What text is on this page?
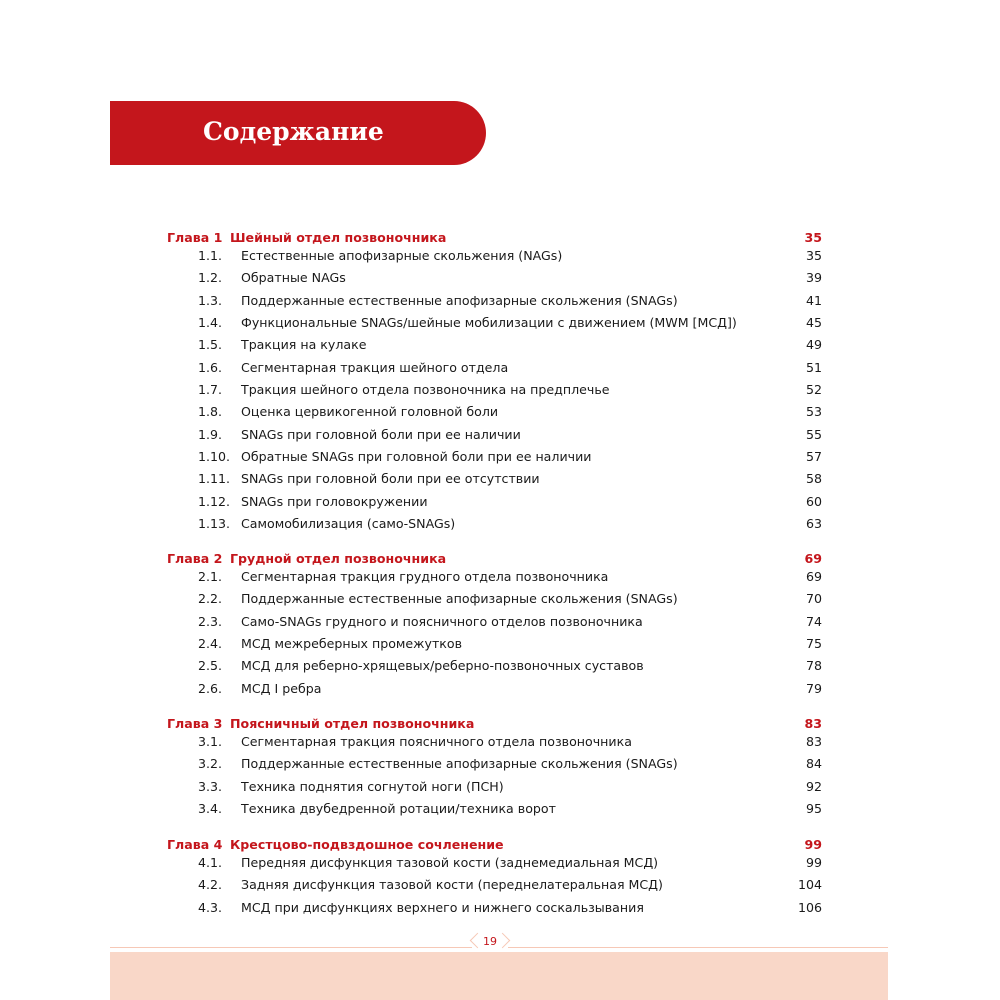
Содержание
Глава 1 Шейный отдел позвоночника	35
1.1. Естественные апофизарные скольжения (NAGs)	35
1.2. Обратные NAGs	39
1.3. Поддержанные естественные апофизарные скольжения (SNAGs)	41
1.4. Функциональные SNAGs/шейные мобилизации с движением (MWM [МСД])	45
1.5. Тракция на кулаке	49
1.6. Сегментарная тракция шейного отдела	51
1.7. Тракция шейного отдела позвоночника на предплечье	52
1.8. Оценка цервикогенной головной боли	53
1.9. SNAGs при головной боли при ее наличии	55
1.10. Обратные SNAGs при головной боли при ее наличии	57
1.11. SNAGs при головной боли при ее отсутствии	58
1.12. SNAGs при головокружении	60
1.13. Самомобилизация (само-SNAGs)	63
Глава 2 Грудной отдел позвоночника	69
2.1. Сегментарная тракция грудного отдела позвоночника	69
2.2. Поддержанные естественные апофизарные скольжения (SNAGs)	70
2.3. Само-SNAGs грудного и поясничного отделов позвоночника	74
2.4. МСД межреберных промежутков	75
2.5. МСД для реберно-хрящевых/реберно-позвоночных суставов	78
2.6. МСД I ребра	79
Глава 3 Поясничный отдел позвоночника	83
3.1. Сегментарная тракция поясничного отдела позвоночника	83
3.2. Поддержанные естественные апофизарные скольжения (SNAGs)	84
3.3. Техника поднятия согнутой ноги (ПСН)	92
3.4. Техника двубедренной ротации/техника ворот	95
Глава 4 Крестцово-подвздошное сочленение	99
4.1. Передняя дисфункция тазовой кости (заднемедиальная МСД)	99
4.2. Задняя дисфункция тазовой кости (переднелатеральная МСД)	104
4.3. МСД при дисфункциях верхнего и нижнего соскальзывания	106
19
